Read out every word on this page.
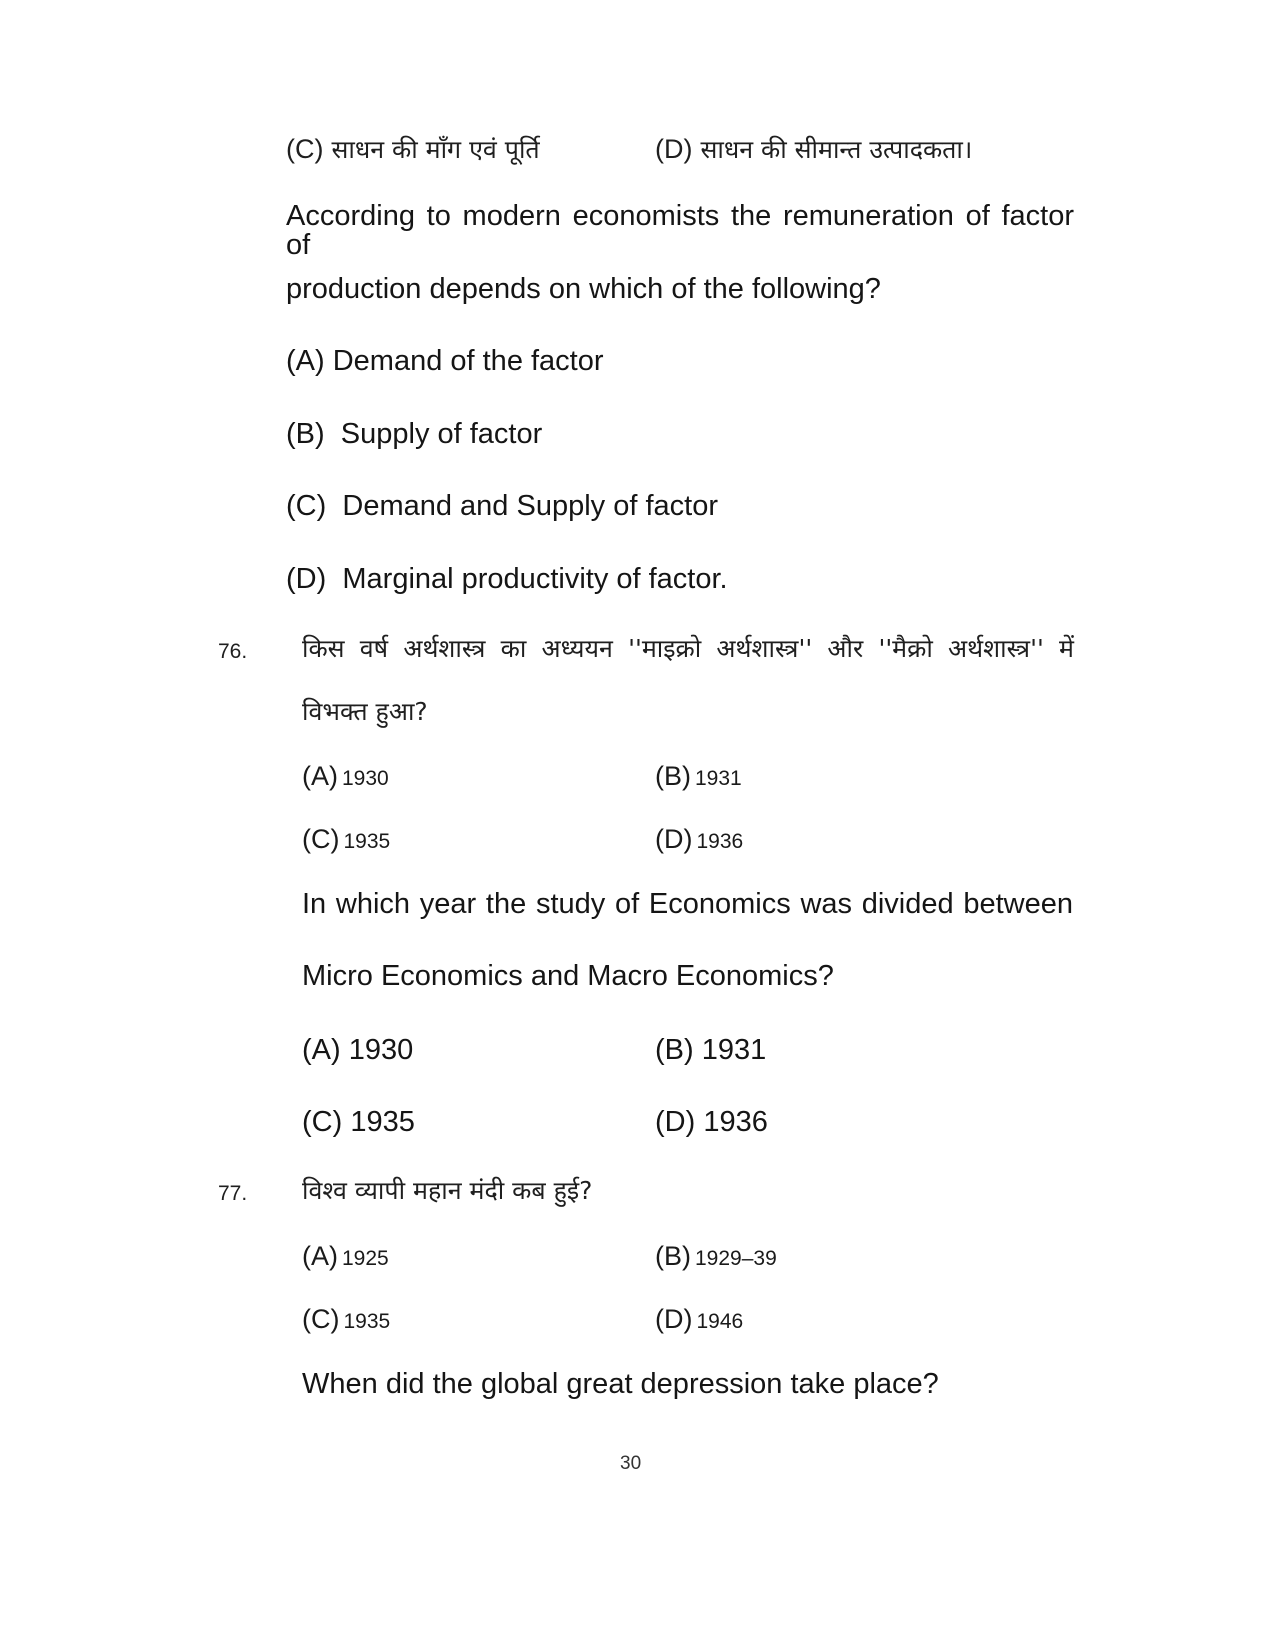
(C) साधन की माँग एवं पूर्ति	(D) साधन की सीमान्त उत्पादकता।
According to modern economists the remuneration of factor of
production depends on which of the following?
(A) Demand of the factor
(B)  Supply of factor
(C)  Demand and Supply of factor
(D)  Marginal productivity of factor.
76. किस वर्ष अर्थशास्त्र का अध्ययन ''माइक्रो अर्थशास्त्र'' और ''मैक्रो अर्थशास्त्र'' में
विभक्त हुआ?
(A) 1930	(B) 1931
(C) 1935	(D) 1936
In which year the study of Economics was divided between
Micro Economics and Macro Economics?
(A) 1930	(B) 1931
(C) 1935	(D) 1936
77. विश्व व्यापी महान मंदी कब हुई?
(A) 1925	(B) 1929–39
(C) 1935	(D) 1946
When did the global great depression take place?
30
